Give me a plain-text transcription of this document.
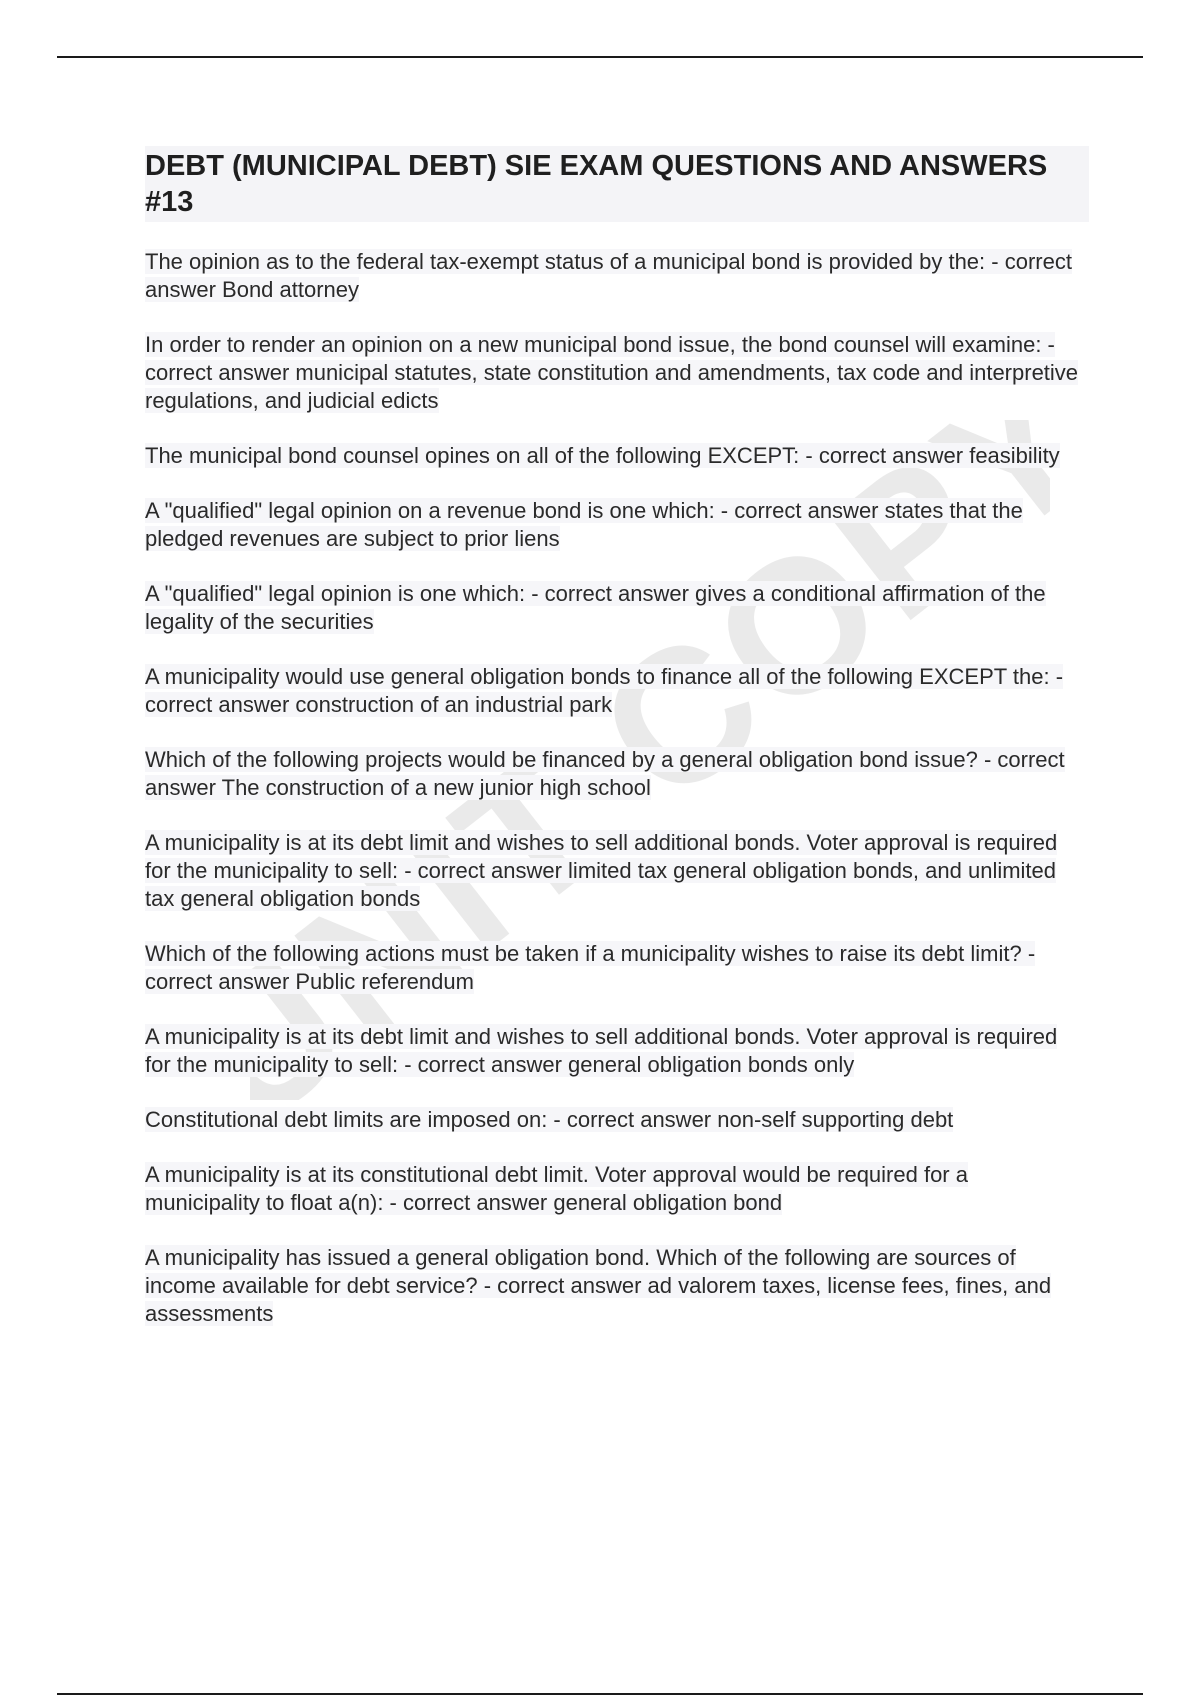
DEBT (MUNICIPAL DEBT) SIE EXAM QUESTIONS AND ANSWERS #13

The opinion as to the federal tax-exempt status of a municipal bond is provided by the: - correct answer Bond attorney

In order to render an opinion on a new municipal bond issue, the bond counsel will examine: - correct answer municipal statutes, state constitution and amendments, tax code and interpretive regulations, and judicial edicts

The municipal bond counsel opines on all of the following EXCEPT: - correct answer feasibility

A "qualified" legal opinion on a revenue bond is one which: - correct answer states that the pledged revenues are subject to prior liens

A "qualified" legal opinion is one which: - correct answer gives a conditional affirmation of the legality of the securities

A municipality would use general obligation bonds to finance all of the following EXCEPT the: - correct answer construction of an industrial park

Which of the following projects would be financed by a general obligation bond issue? - correct answer The construction of a new junior high school

A municipality is at its debt limit and wishes to sell additional bonds. Voter approval is required for the municipality to sell: - correct answer limited tax general obligation bonds, and unlimited tax general obligation bonds

Which of the following actions must be taken if a municipality wishes to raise its debt limit? - correct answer Public referendum

A municipality is at its debt limit and wishes to sell additional bonds. Voter approval is required for the municipality to sell: - correct answer general obligation bonds only

Constitutional debt limits are imposed on: - correct answer non-self supporting debt

A municipality is at its constitutional debt limit. Voter approval would be required for a municipality to float a(n): - correct answer general obligation bond

A municipality has issued a general obligation bond. Which of the following are sources of income available for debt service? - correct answer ad valorem taxes, license fees, fines, and assessments
